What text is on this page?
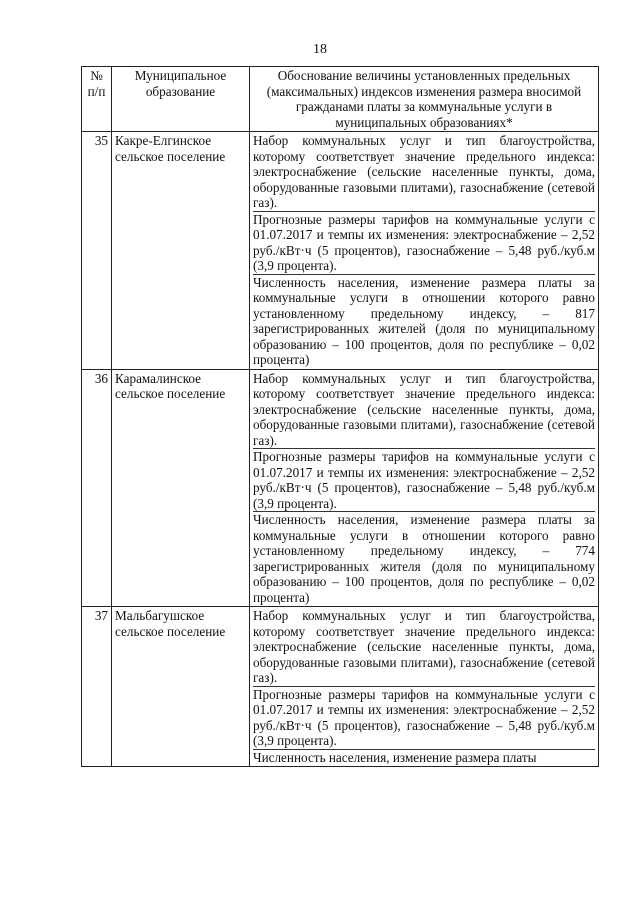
18
№ п/п	Муниципальное образование	Обоснование величины установленных предельных (максимальных) индексов изменения размера вносимой гражданами платы за коммунальные услуги в муниципальных образованиях*
35	Какре-Елгинское сельское поселение	Набор коммунальных услуг и тип благоустройства, которому соответствует значение предельного индекса: электроснабжение (сельские населенные пункты, дома, оборудованные газовыми плитами), газоснабжение (сетевой газ).
Прогнозные размеры тарифов на коммунальные услуги с 01.07.2017 и темпы их изменения: электроснабжение – 2,52 руб./кВт·ч (5 процентов), газоснабжение – 5,48 руб./куб.м (3,9 процента).
Численность населения, изменение размера платы за коммунальные услуги в отношении которого равно установленному предельному индексу, – 817 зарегистрированных жителей (доля по муниципальному образованию – 100 процентов, доля по республике – 0,02 процента)

36	Карамалинское сельское поселение	Набор коммунальных услуг и тип благоустройства, которому соответствует значение предельного индекса: электроснабжение (сельские населенные пункты, дома, оборудованные газовыми плитами), газоснабжение (сетевой газ).
Прогнозные размеры тарифов на коммунальные услуги с 01.07.2017 и темпы их изменения: электроснабжение – 2,52 руб./кВт·ч (5 процентов), газоснабжение – 5,48 руб./куб.м (3,9 процента).
Численность населения, изменение размера платы за коммунальные услуги в отношении которого равно установленному предельному индексу, – 774 зарегистрированных жителя (доля по муниципальному образованию – 100 процентов, доля по республике – 0,02 процента)

37	Мальбагушское сельское поселение	Набор коммунальных услуг и тип благоустройства, которому соответствует значение предельного индекса: электроснабжение (сельские населенные пункты, дома, оборудованные газовыми плитами), газоснабжение (сетевой газ).
Прогнозные размеры тарифов на коммунальные услуги с 01.07.2017 и темпы их изменения: электроснабжение – 2,52 руб./кВт·ч (5 процентов), газоснабжение – 5,48 руб./куб.м (3,9 процента).
Численность населения, изменение размера платы
